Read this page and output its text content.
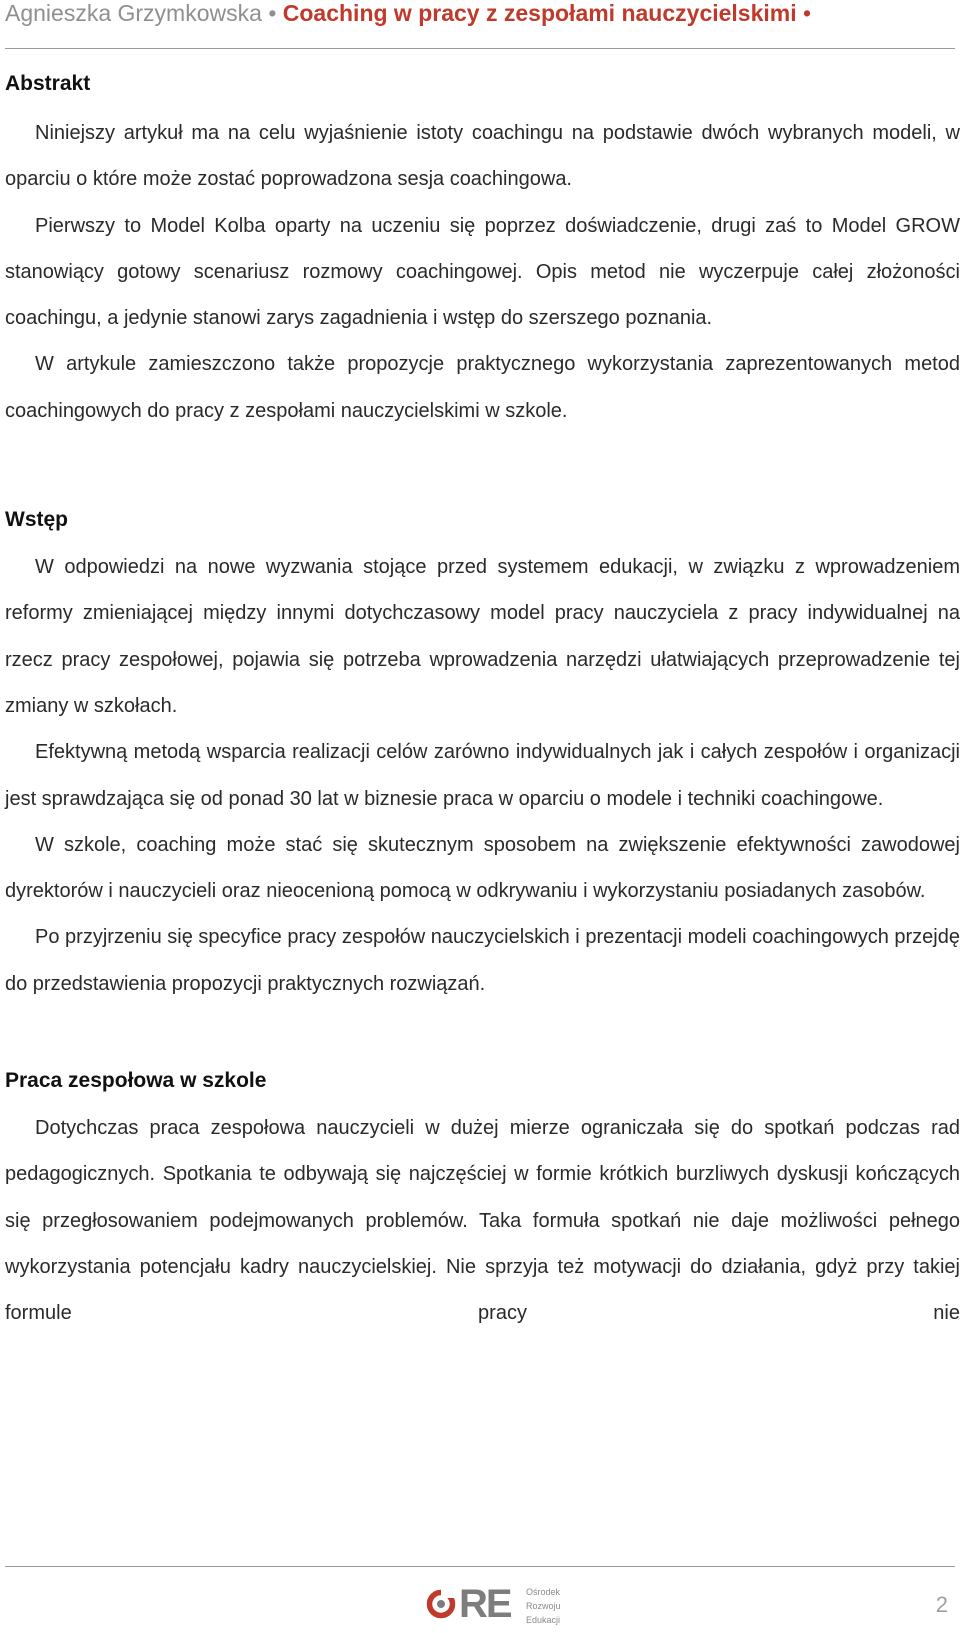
Agnieszka Grzymkowska • Coaching w pracy z zespołami nauczycielskimi •
Abstrakt

Niniejszy artykuł ma na celu wyjaśnienie istoty coachingu na podstawie dwóch wybranych modeli, w oparciu o które może zostać poprowadzona sesja coachingowa.

Pierwszy to Model Kolba oparty na uczeniu się poprzez doświadczenie, drugi zaś to Model GROW stanowiący gotowy scenariusz rozmowy coachingowej. Opis metod nie wyczerpuje całej złożoności coachingu, a jedynie stanowi zarys zagadnienia i wstęp do szerszego poznania.

W artykule zamieszczono także propozycje praktycznego wykorzystania zaprezentowanych metod coachingowych do pracy z zespołami nauczycielskimi w szkole.

Wstęp

W odpowiedzi na nowe wyzwania stojące przed systemem edukacji, w związku z wprowadzeniem reformy zmieniającej między innymi dotychczasowy model pracy nauczyciela z pracy indywidualnej na rzecz pracy zespołowej, pojawia się potrzeba wprowadzenia narzędzi ułatwiających przeprowadzenie tej zmiany w szkołach.

Efektywną metodą wsparcia realizacji celów zarówno indywidualnych jak i całych zespołów i organizacji jest sprawdzająca się od ponad 30 lat w biznesie praca w oparciu o modele i techniki coachingowe.

W szkole, coaching może stać się skutecznym sposobem na zwiększenie efektywności zawodowej dyrektorów i nauczycieli oraz nieocenioną pomocą w odkrywaniu i wykorzystaniu posiadanych zasobów.

Po przyjrzeniu się specyfice pracy zespołów nauczycielskich i prezentacji modeli coachingowych przejdę do przedstawienia propozycji praktycznych rozwiązań.

Praca zespołowa w szkole

Dotychczas praca zespołowa nauczycieli w dużej mierze ograniczała się do spotkań podczas rad pedagogicznych. Spotkania te odbywają się najczęściej w formie krótkich burzliwych dyskusji kończących się przegłosowaniem podejmowanych problemów. Taka formuła spotkań nie daje możliwości pełnego wykorzystania potencjału kadry nauczycielskiej. Nie sprzyja też motywacji do działania, gdyż przy takiej formule pracy nie

RE Ośrodek
Rozwoju
Edukacji
2
